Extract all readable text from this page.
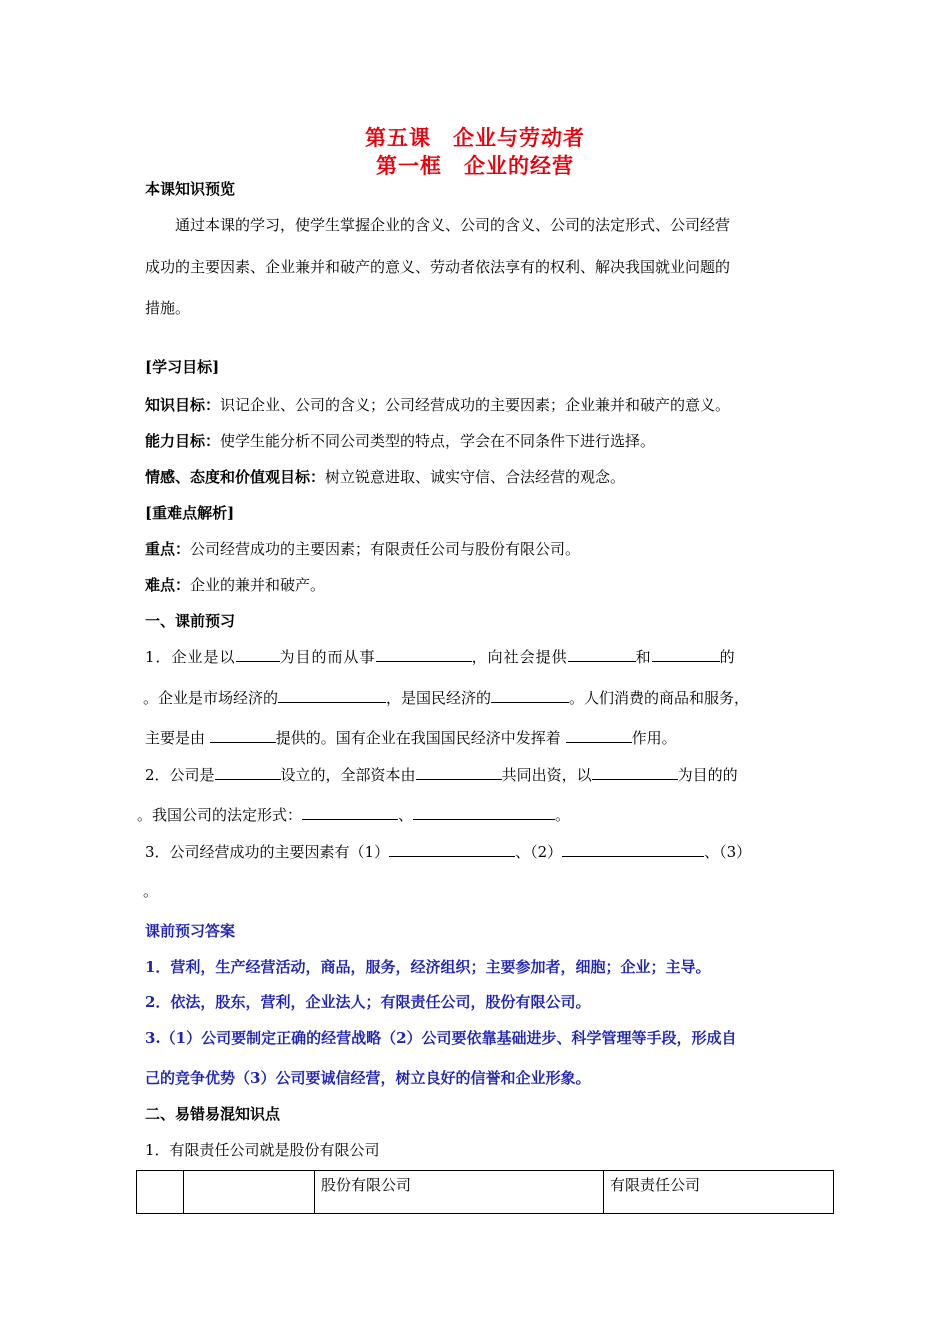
第五课　企业与劳动者
第一框　企业的经营
本课知识预览
通过本课的学习，使学生掌握企业的含义、公司的含义、公司的法定形式、公司经营
成功的主要因素、企业兼并和破产的意义、劳动者依法享有的权利、解决我国就业问题的
措施。
[学习目标]
知识目标：识记企业、公司的含义；公司经营成功的主要因素；企业兼并和破产的意义。
能力目标：使学生能分析不同公司类型的特点，学会在不同条件下进行选择。
情感、态度和价值观目标：树立锐意进取、诚实守信、合法经营的观念。
[重难点解析]
重点：公司经营成功的主要因素；有限责任公司与股份有限公司。
难点：企业的兼并和破产。
一、课前预习
1．企业是以	为目的而从事	，向社会提供	和	的
。企业是市场经济的	，是国民经济的	。人们消费的商品和服务，
主要是由	提供的。国有企业在我国国民经济中发挥着	作用。
2．公司是	设立的，全部资本由	共同出资，以	为目的的
。我国公司的法定形式：	、	。
3．公司经营成功的主要因素有（1）	、（2）	、（3）
。
课前预习答案
1．营利，生产经营活动，商品，服务，经济组织；主要参加者，细胞；企业；主导。
2．依法，股东，营利，企业法人；有限责任公司，股份有限公司。
3.（1）公司要制定正确的经营战略（2）公司要依靠基础进步、科学管理等手段，形成自
己的竞争优势（3）公司要诚信经营，树立良好的信誉和企业形象。
二、易错易混知识点
1．有限责任公司就是股份有限公司
		股份有限公司	有限责任公司
